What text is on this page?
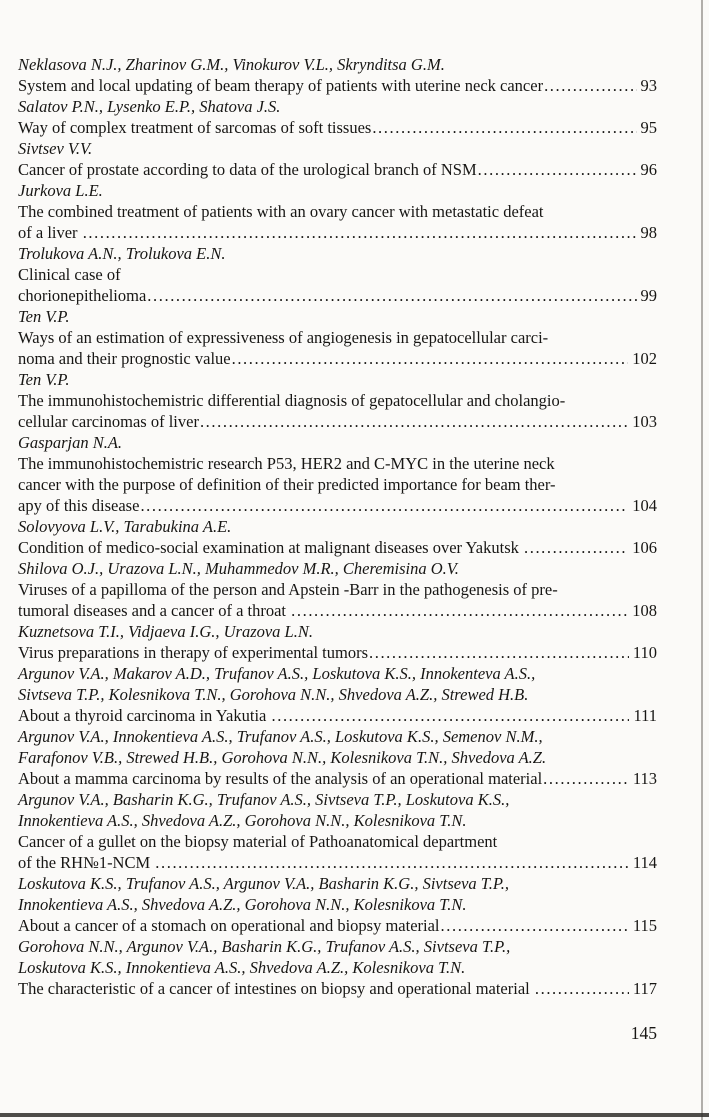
Neklasova N.J., Zharinov G.M., Vinokurov V.L., Skrynditsa G.M.
System and local updating of beam therapy of patients with uterine neck cancer .....	93
Salatov P.N., Lysenko E.P., Shatova J.S.
Way of complex treatment of sarcomas of soft tissues .....	95
Sivtsev V.V.
Cancer of prostate according to data of the urological branch of NSM .....	96
Jurkova L.E.
The combined treatment of patients with an ovary cancer with metastatic defeat
of a liver .....	98
Trolukova A.N., Trolukova E.N.
Clinical case of
chorionepithelioma .....	99
Ten V.P.
Ways of an estimation of expressiveness of angiogenesis in gepatocellular carci-
noma and their prognostic value .....	102
Ten V.P.
The immunohistochemistric differential diagnosis of gepatocellular and cholangio-
cellular carcinomas of liver .....	103
Gasparjan N.A.
The immunohistochemistric research P53, HER2 and C-MYC in the uterine neck
cancer with the purpose of definition of their predicted importance for beam ther-
apy of this disease .....	104
Solovyova L.V., Tarabukina A.E.
Condition of medico-social examination at malignant diseases over Yakutsk .....	106
Shilova O.J., Urazova L.N., Muhammedov M.R., Cheremisina O.V.
Viruses of a papilloma of the person and Apstein -Barr in the pathogenesis of pre-
tumoral diseases and a cancer of a throat .....	108
Kuznetsova T.I., Vidjaeva I.G., Urazova L.N.
Virus preparations in therapy of experimental tumors .....	110
Argunov V.A., Makarov A.D., Trufanov A.S., Loskutova K.S., Innokenteva A.S.,
Sivtseva T.P., Kolesnikova T.N., Gorohova N.N., Shvedova A.Z., Strewed H.B.
About a thyroid carcinoma in Yakutia .....	111
Argunov V.A., Innokentieva A.S., Trufanov A.S., Loskutova K.S., Semenov N.M.,
Farafonov V.B., Strewed H.B., Gorohova N.N., Kolesnikova T.N., Shvedova A.Z.
About a mamma carcinoma by results of the analysis of an operational material .....	113
Argunov V.A., Basharin K.G., Trufanov A.S., Sivtseva T.P., Loskutova K.S.,
Innokentieva A.S., Shvedova A.Z., Gorohova N.N., Kolesnikova T.N.
Cancer of a gullet on the biopsy material of Pathoanatomical department
of the RH№1-NCM .....	114
Loskutova K.S., Trufanov A.S., Argunov V.A., Basharin K.G., Sivtseva T.P.,
Innokentieva A.S., Shvedova A.Z., Gorohova N.N., Kolesnikova T.N.
About a cancer of a stomach on operational and biopsy material .....	115
Gorohova N.N., Argunov V.A., Basharin K.G., Trufanov A.S., Sivtseva T.P.,
Loskutova K.S., Innokentieva A.S., Shvedova A.Z., Kolesnikova T.N.
The characteristic of a cancer of intestines on biopsy and operational material .....	117
145
